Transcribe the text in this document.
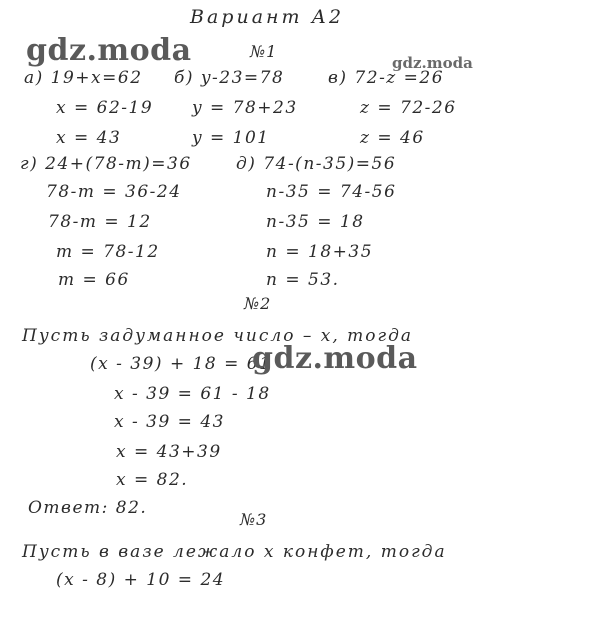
Вариант А2
gdz.moda	№1
gdz.moda
а) 19+x=62
x = 62-19
x = 43
б) y-23=78
y = 78+23
y = 101
в) 72-z =26
z = 72-26
z = 46
г) 24+(78-m)=36
78-m = 36-24
78-m = 12
m = 78-12
m = 66
д) 74-(n-35)=56
n-35 = 74-56
n-35 = 18
n = 18+35
n = 53.
№2
Пусть задуманное число – x, тогда
(x - 39) + 18 = 61
gdz.moda
x - 39 = 61 - 18
x - 39 = 43
x = 43+39
x = 82.
Ответ: 82.
№3
Пусть в вазе лежало x конфет, тогда
(x - 8) + 10 = 24
